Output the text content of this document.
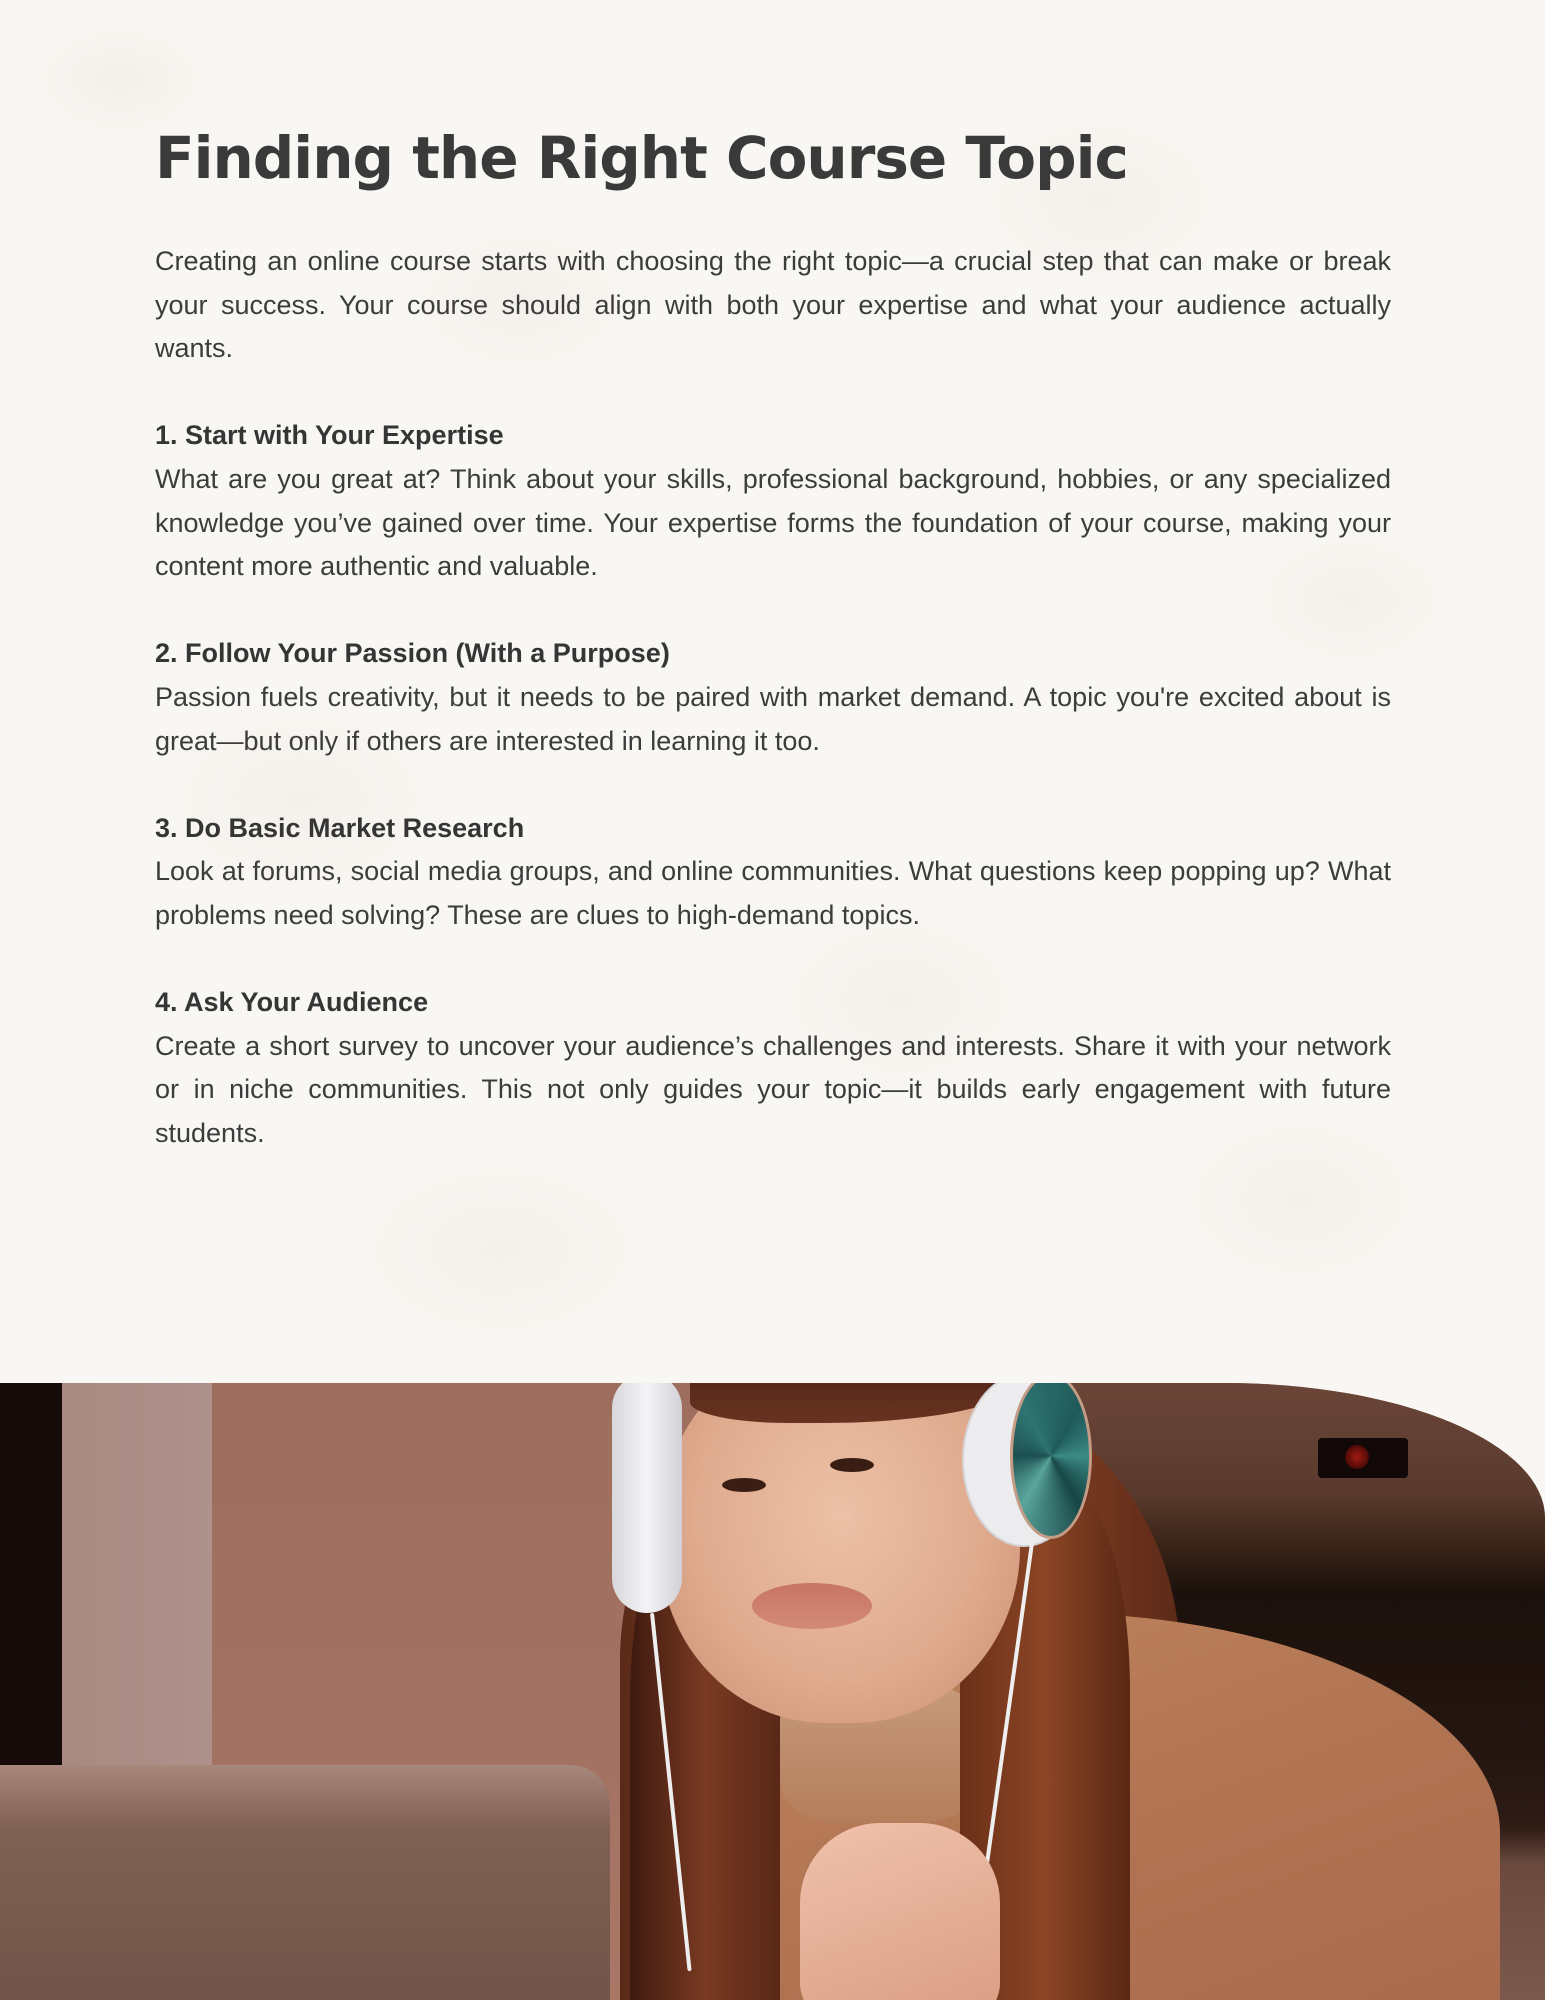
Finding the Right Course Topic

Creating an online course starts with choosing the right topic—a crucial step that can make or break your success. Your course should align with both your expertise and what your audience actually wants.

1. Start with Your Expertise

What are you great at? Think about your skills, professional background, hobbies, or any specialized knowledge you’ve gained over time. Your expertise forms the foundation of your course, making your content more authentic and valuable.

2. Follow Your Passion (With a Purpose)

Passion fuels creativity, but it needs to be paired with market demand. A topic you're excited about is great—but only if others are interested in learning it too.

3. Do Basic Market Research

Look at forums, social media groups, and online communities. What questions keep popping up? What problems need solving? These are clues to high-demand topics.

4. Ask Your Audience

Create a short survey to uncover your audience’s challenges and interests. Share it with your network or in niche communities. This not only guides your topic—it builds early engagement with future students.
